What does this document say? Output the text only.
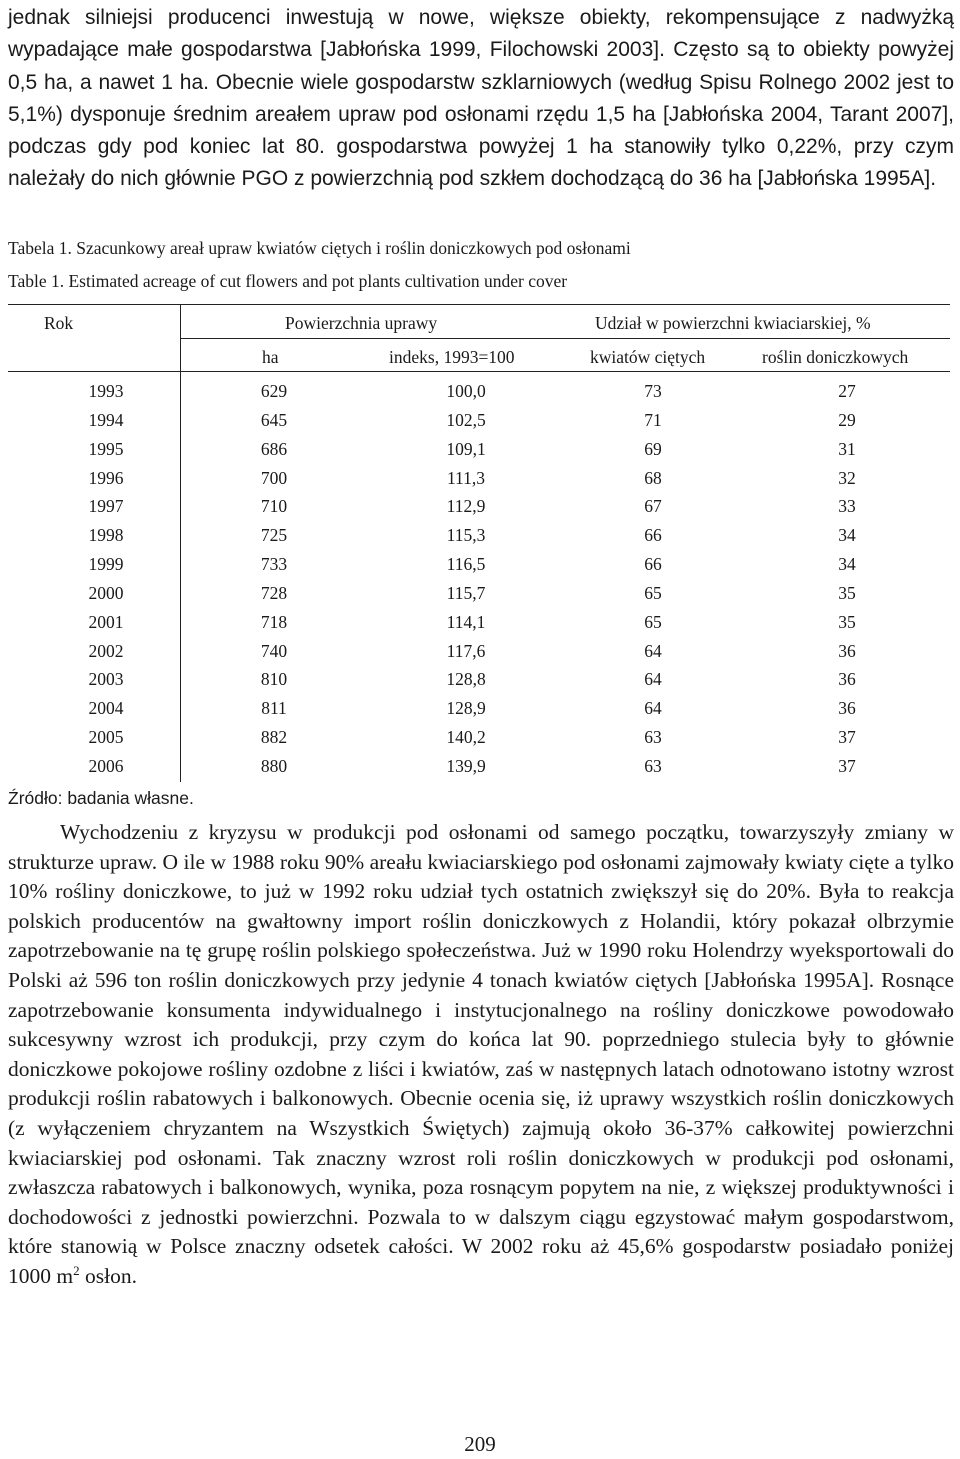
jednak silniejsi producenci inwestują w nowe, większe obiekty, rekompensujące z nadwyżką wypadające małe gospodarstwa [Jabłońska 1999, Filochowski 2003]. Często są to obiekty powyżej 0,5 ha, a nawet 1 ha. Obecnie wiele gospodarstw szklarniowych (według Spisu Rolnego 2002 jest to 5,1%) dysponuje średnim areałem upraw pod osłonami rzędu 1,5 ha [Jabłońska 2004, Tarant 2007], podczas gdy pod koniec lat 80. gospodarstwa powyżej 1 ha stanowiły tylko 0,22%, przy czym należały do nich głównie PGO z powierzchnią pod szkłem dochodzącą do 36 ha [Jabłońska 1995A].

Tabela 1. Szacunkowy areał upraw kwiatów ciętych i roślin doniczkowych pod osłonami

Table 1. Estimated acreage of cut flowers and pot plants cultivation under cover

Rok	Powierzchnia uprawy	Udział w powierzchni kwiaciarskiej, %
ha	indeks, 1993=100	kwiatów ciętych	roślin doniczkowych
1993	629	100,0	73	27
1994	645	102,5	71	29
1995	686	109,1	69	31
1996	700	111,3	68	32
1997	710	112,9	67	33
1998	725	115,3	66	34
1999	733	116,5	66	34
2000	728	115,7	65	35
2001	718	114,1	65	35
2002	740	117,6	64	36
2003	810	128,8	64	36
2004	811	128,9	64	36
2005	882	140,2	63	37
2006	880	139,9	63	37

Źródło: badania własne.

Wychodzeniu z kryzysu w produkcji pod osłonami od samego początku, towarzyszyły zmiany w strukturze upraw. O ile w 1988 roku 90% areału kwiaciarskiego pod osłonami zajmowały kwiaty cięte a tylko 10% rośliny doniczkowe, to już w 1992 roku udział tych ostatnich zwiększył się do 20%. Była to reakcja polskich producentów na gwałtowny import roślin doniczkowych z Holandii, który pokazał olbrzymie zapotrzebowanie na tę grupę roślin polskiego społeczeństwa. Już w 1990 roku Holendrzy wyeksportowali do Polski aż 596 ton roślin doniczkowych przy jedynie 4 tonach kwiatów ciętych [Jabłońska 1995A]. Rosnące zapotrzebowanie konsumenta indywidualnego i instytucjonalnego na rośliny doniczkowe powodowało sukcesywny wzrost ich produkcji, przy czym do końca lat 90. poprzedniego stulecia były to głównie doniczkowe pokojowe rośliny ozdobne z liści i kwiatów, zaś w następnych latach odnotowano istotny wzrost produkcji roślin rabatowych i balkonowych. Obecnie ocenia się, iż uprawy wszystkich roślin doniczkowych (z wyłączeniem chryzantem na Wszystkich Świętych) zajmują około 36-37% całkowitej powierzchni kwiaciarskiej pod osłonami. Tak znaczny wzrost roli roślin doniczkowych w produkcji pod osłonami, zwłaszcza rabatowych i balkonowych, wynika, poza rosnącym popytem na nie, z większej produktywności i dochodowości z jednostki powierzchni. Pozwala to w dalszym ciągu egzystować małym gospodarstwom, które stanowią w Polsce znaczny odsetek całości. W 2002 roku aż 45,6% gospodarstw posiadało poniżej 1000 $m^2$ osłon.

209
